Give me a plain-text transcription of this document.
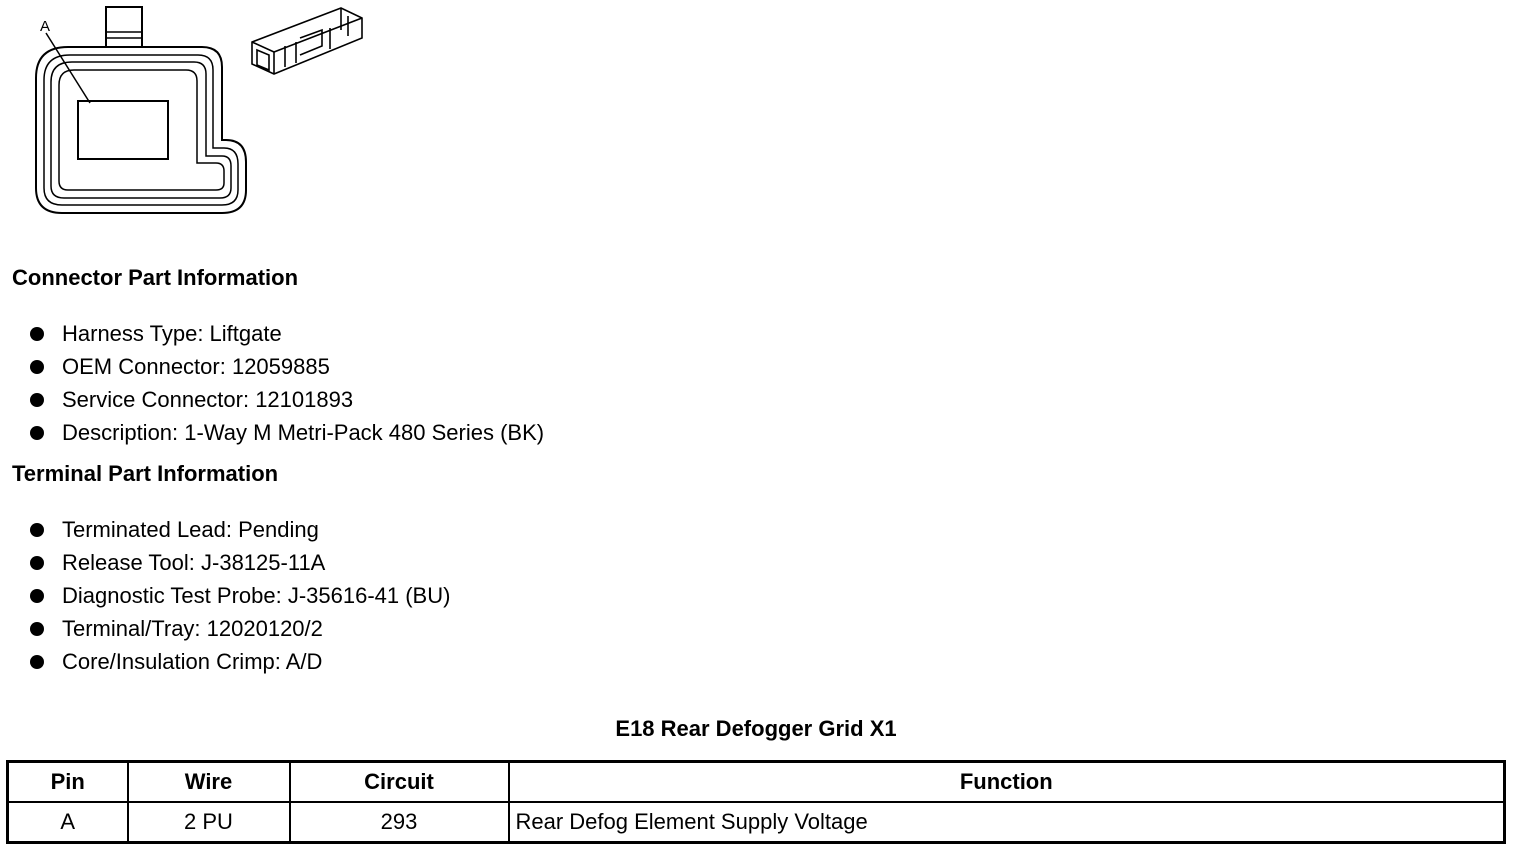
A
Connector Part Information
Harness Type: Liftgate
OEM Connector: 12059885
Service Connector: 12101893
Description: 1-Way M Metri-Pack 480 Series (BK)
Terminal Part Information
Terminated Lead: Pending
Release Tool: J-38125-11A
Diagnostic Test Probe: J-35616-41 (BU)
Terminal/Tray: 12020120/2
Core/Insulation Crimp: A/D
E18 Rear Defogger Grid X1
Pin	Wire	Circuit	Function
A	2 PU	293	Rear Defog Element Supply Voltage
